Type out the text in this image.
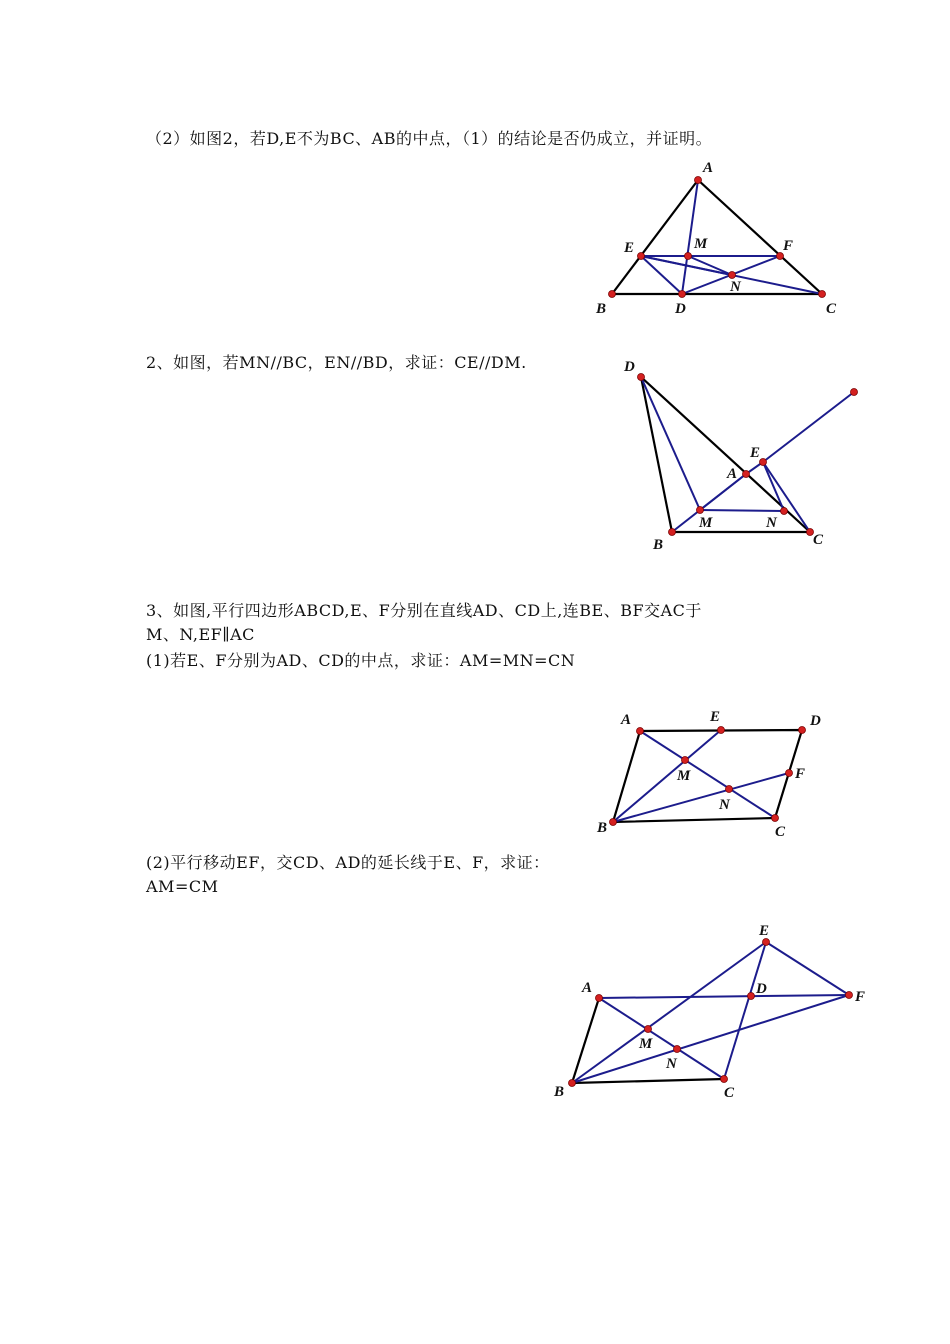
（2）如图2，若D,E不为BC、AB的中点，（1）的结论是否仍成立，并证明。
2、如图，若MN//BC，EN//BD，求证：CE//DM.
3、如图,平行四边形ABCD,E、F分别在直线AD、CD上,连BE、BF交AC于
M、N,EF∥AC
(1)若E、F分别为AD、CD的中点，求证：AM=MN=CN
(2)平行移动EF，交CD、AD的延长线于E、F，求证：
AM=CM
A
B	C
D
E	F
M
N
D
B	C
A
E
M	N
A	E	D
F
C
B
M
N
A
B	C
D
E
F
M
N
